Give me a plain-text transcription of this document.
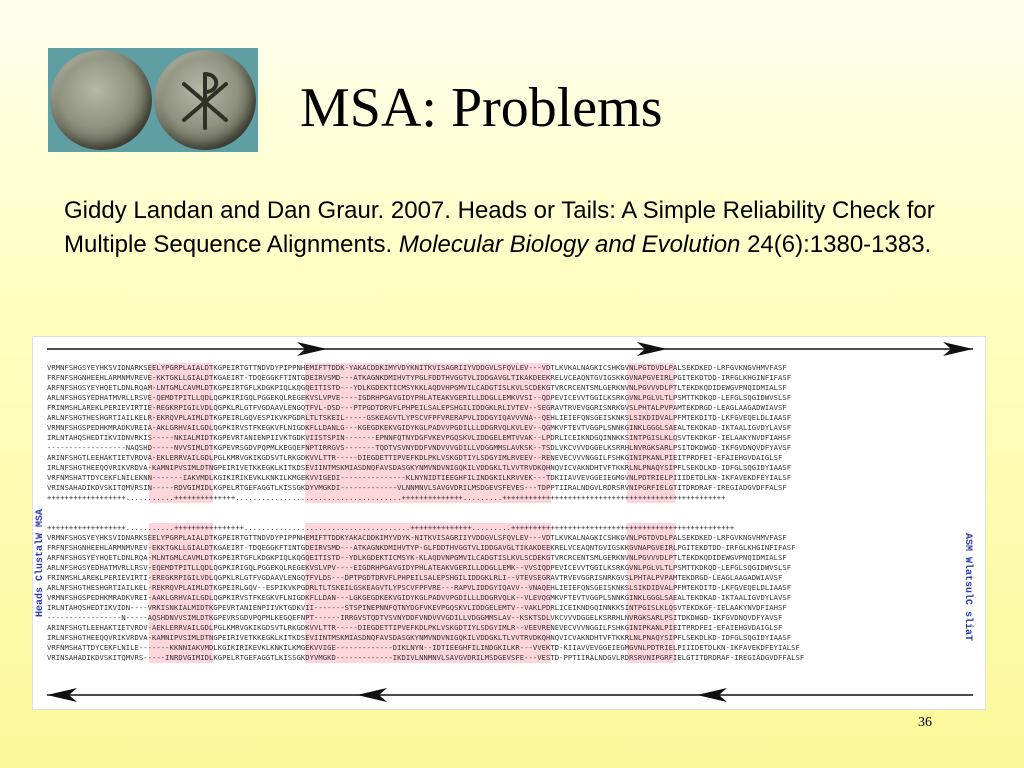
MSA: Problems
Giddy Landan and Dan Graur. 2007. Heads or Tails: A Simple Reliability Check for Multiple Sequence Alignments. Molecular Biology and Evolution 24(6):1380-1383.
Heads ClustalW MSA	ASM WlatsulC sliaT
VRMNFSHGSYEYHKSVIDNARKSEELYPGRPLAIALDTKGPEIRTGTTNDVDYPIPPNHEMIFTTDDK-YAKACDDKIMYVDYKNITKVISAGRIIYVDDGVLSFQVLEV---VDTLKVKALNAGKICSHKGVNLPGTDVDLPALSEKDKED-LRFGVKNGVHMVFASF
FRFNFSHGNHEEHLARMNMVREVE-KKTGKLLGIALDTKGAEIRT-TDQEGGKFTINTGDEIRVSMD---ATKAGNKDMIHVTYPGLFDDTHVGGTVLIDDGAVGLTIKAKDEEKRELVCEAQNTGVIGSKKGVNAPGVEIRLPGITEKDTDD-IRFGLKHGINFIFASF
ARFNFSHGSYEYHQETLDNLRQAM-LNTGMLCAVMLDTKGPEIRTGFLKDGKPIQLKQGQEITISTD---YDLKGDEKTICMSYKKLAQDVHPGMVILCADGTISLKVLSCDEKGTVRCRCENTSMLGERKNVNLPGVVVDLPTLTEKDKQDIDEWGVPNQIDMIALSF
ARLNFSHGSYEDHATMVRLLRSVE-QEMDTPITLLQDLQGPKIRIGQLPGGEKQLREGEKVSLVPVE----IGDRHPGAVGIDYPHLATEAKVGERILLDDGLLEMKVVSI--QDPEVICEVVTGGILKSRKGVNLPGLVLTLPSMTTKDKQD-LEFGLSQGIDWVSLSF
FRINMSHLAREKLPERIEVIRTIE-REGKRPIGILVDLQGPKLRLGTFVGDAAVLENGQTFVL-DSD---PTPGDTDRVFLPHPEILSALEPSHGILIDDGKLRLIVTEV--SEGRAVTRVEVGGRISNRKGVSLPHTALPVPAMTEKDRGD-LEAGLAAGADWIAVSF
ARLNFSHGTHESHGRTIAILKELR-EKRQVPLAIMLDTKGPEIRLGQVESPIKVKPGDRLTLTSKEIL-----GSKEAGVTLYPSCVFPFVRERAPVLIDDGYIQAVVVNA--QEHLIEIEFQNSGEISKNKSLSIKDIDVALPFMTEKDITD-LKFGVEQELDLIAASF
VRMNFSHGSPEDHKMRADKVREIA-AKLGRHVAILGDLQGPKIRVSTFKEGKVFLNIGDKFLLDANLG---KGEGDKEKVGIDYKGLPADVVPGDILLLDDGRVQLKVLEV--QGMKVFTEVTVGGPLSNNKGINKLGGGLSAEALTEKDKAD-IKTAALIGVDYLAVSF
IRLNTAHQSHEDTIKVIDNVRKIS-----NKIALMIDTKGPEVRTANIENPIIVKTGDKVIISTSPIN-------EPNNFQTNYDGFVKEVPGQSKVLIDDGELEMTVVAK--LPDRLICEIKNDGQINNKKSINTPGISLKLQSVTEKDKGF-IELAAKYNVDFIAHSF
------------------NAQSHD-----NVVSIMLDTKGPEVRSGDVPQPMLKEGQEFNPTIRRGVS-------TQDTVSVNYDDFVNDVVVGDILLVDGGMMSLAVKSK--TSDLVKCVVVDGGELKSRRHLNVRGKSARLPSITDKDWGD-IKFGVDNQVDFYAVSF
ARINFSHGTLEEHAKTIETVRDVA-EKLERRVAILGDLPGLKMRVGKIKGDSVTLRKGDKVVLTTR-----DIEGDETTIPVEFKDLPKLVSKGDTIYLSDGYIMLRVEEV--RENEVECVVVNGGILFSHKGINIPKANLPIEITPRDFEI-EFAIEHGVDAIGLSF
IRLNFSHGTHEEQQVRIKVRDVA-KAMNIPVSIMLDTNGPEIRIVETKKEGKLKITKDSEVIINTMSKMIASDNQFAVSDASGKYNMVNDVNIGQKILVDDGKLTLVVTRVDKQHNQVICVAKNDHTVFTKKRLNLPNAQYSIPFLSEKDLKD-IDFGLSQGIDYIAASF
VRFNMSHATTDYCEKFLNILEKNN-------IAKVMDLKGIKIRIKEVKLKNKILKMGEKVVIGEDI---------------KLNYNIDTIEEGHFILINDGKILKRVVEK---TDKIIAVVEVGGEIEGMGVNLPDTRIELPIIIDETDLKN-IKFAVEKDFEYIALSF
VRINSAHADIKDVSKITQMVRSIN-----RDVGIMIDLKGPELRTGEFAGGTLKISSGKDYVMGKDI-------------VLNNMNVLSAVGVDRILMSDGEVSFEVES---TDPPTIIRALNDGVLRDRSRVNIPGRFIELGTITDRDRAF-IREGIADGVDFFALSF
++++++++++++++++++...........++++++++++++++......................................++++++++++++++.........+++++++++++++++++++++++++++++++++++++++++++++++++++
++++++++++++++++++...........++++++++++++++++......................................++++++++++++++.........+++++++++++++++++++++++++++++++++++++++++++++++++++
VRMNFSHGSYEYHKSVIDNARKSEELYPGRPLAIALDTKGPEIRTGTTNDVDYPIPPNHEMIFTTDDKYAKACDDKIMYVDYK-NITKVISAGRIIYVDDGVLSFQVLEV---VDTLKVKALNAGKICSHKGVNLPGTDVDLPALSEKDKED-LRFGVKNGVHMVFASF
FRFNFSHGNHEEHLARMNMVREV-EKKTGKLLGIALDTKGAEIRT-TDQEGGKFTINTGDEIRVSMD---ATKAGNKDMIHVTYP-GLFDDTHVGGTVLIDDGAVGLTIKAKDEEKRELVCEAQNTGVIGSKKGVNAPGVEIRLPGITEKDTDD-IRFGLKHGINFIFASF
ARFNFSHGSYEYHQETLDNLRQA-MLNTGMLCAVMLDTKGPEIRTGFLKDGKPIQLKQGQEITISTD--YDLKGDEKTICMSYK-KLAQDVNPGMVILCADGTISLKVLSCDEKGTVRCRCENTSMLGERKNVNLPGVVVDLPTLTEKDKQDIDEWGVPNQIDMIALSF
ARLNFSHGSYEDHATMVRLLRSV-EQEMDTPITLLQDLQGPKIRIGQLPGGEKQLREGEKVSLVPV----EIGDRHPGAVGIDYPHLATEAKVGERILLDDGLLEMK--VVSIQDPEVICEVVTGGILKSRKGVNLPGLVLTLPSMTTKDKQD-LEFGLSQGIDWVSLSF
FRINMSHLAREKLPERIEVIRTI-EREGKRPIGILVDLQGPKLRLGTFVGDAAVLENGQTFVLDS---DPTPGDTDRVFLPHPEILSALEPSHGILIDDGKLRLI--VTEVSEGRAVTRVEVGGRISNRKGVSLPHTALPVPAMTEKDRGD-LEAGLAAGADWIAVSF
ARLNFSHGTHESHGRTIAILKEL-REKRQVPLAIMLDTKGPEIRLGQV--ESPIKVKPGDRLTLTSKEILGSKEAGVTLYPSCVFPFVRE---RAPVLIDDGYIQAVV--VNAQEHLIEIEFQNSGEISKNKSLSIKDIDVALPFMTEKDITD-LKFGVEQELDLIAASF
VRMNFSHGSPEDHKMRADKVREI-AAKLGRHVAILGDLQGPKIRVSTFKEGKVFLNIGDKFLLDAN---LGKGEGDKEKVGIDYKGLPADVVPGDILLLDDGRVQLK--VLEVQGMKVFTEVTVGGPLSNNKGINKLGGGLSAEALTEKDKAD-IKTAALIGVDYLAVSF
IRLNTAHQSHEDTIKVIDN----VRKISNKIALMIDTKGPEVRTANIENPIIVKTGDKVII-------STSPINEPNNFQTNYDGFVKEVPGQSKVLIDDGELEMTV--VAKLPDRLICEIKNDGQINNKKSINTPGISLKLQSVTEKDKGF-IELAAKYNVDFIAHSF
-----------------N-----AQSHDNVVSIMLDTKGPEVRSGDVPQPMLKEGQEFNPT------IRRGVSTQDTVSVNYDDFVNDVVVGDILLVDGGMMSLAV--KSKTSDLVKCVVVDGGELKSRRHLNVRGKSARLPSITDKDWGD-IKFGVDNQVDFYAVSF
ARINFSHGTLEEHAKTIETVRDV-AEKLERRVAILGDLPGLKMRVGKIKGDSVTLRKGDKVVLTTR-----DIEGDETTIPVEFKDLPKLVSKGDTIYLSDGYIMLR--VEEVRENEVECVVVNGGILFSHKGINIPKANLPIEITPRDFEI-EFAIEHGVDAIGLSF
IRLNFSHGTHEEQQVRIKVRDVA-KAMNIPVSIMLDTNGPEIRIVETKKEGKLKITKDSEVIINTMSKMIASDNQFAVSDASGKYNMVNDVNIGQKILVDDGKLTLVVTRVDKQHNQVICVAKNDHTVFTKKRLNLPNAQYSIPFLSEKDLKD-IDFGLSQGIDYIAASF
VRFNMSHATTDYCEKFLNILE-------KKNNIAKVMDLKGIKIRIKEVKLKNKILKMGEKVVIGE-------------DIKLNYN--IDTIEEGHFILINDGKILKR---VVEKTD-KIIAVVEVGGEIEGMGVNLPDTRIELPIIIDETDLKN-IKFAVEKDFEYIALSF
VRINSAHADIKDVSKITQMVRS-----INRDVGIMIDLKGPELRTGEFAGGTLKISSGKDYVMGKD-------------IKDIVLNNMNVLSAVGVDRILMSDGEVSFE---VESTD-PPTIIRALNDGVLRDRSRVNIPGRFIELGTITDRDRAF-IREGIADGVDFFALSF
36
